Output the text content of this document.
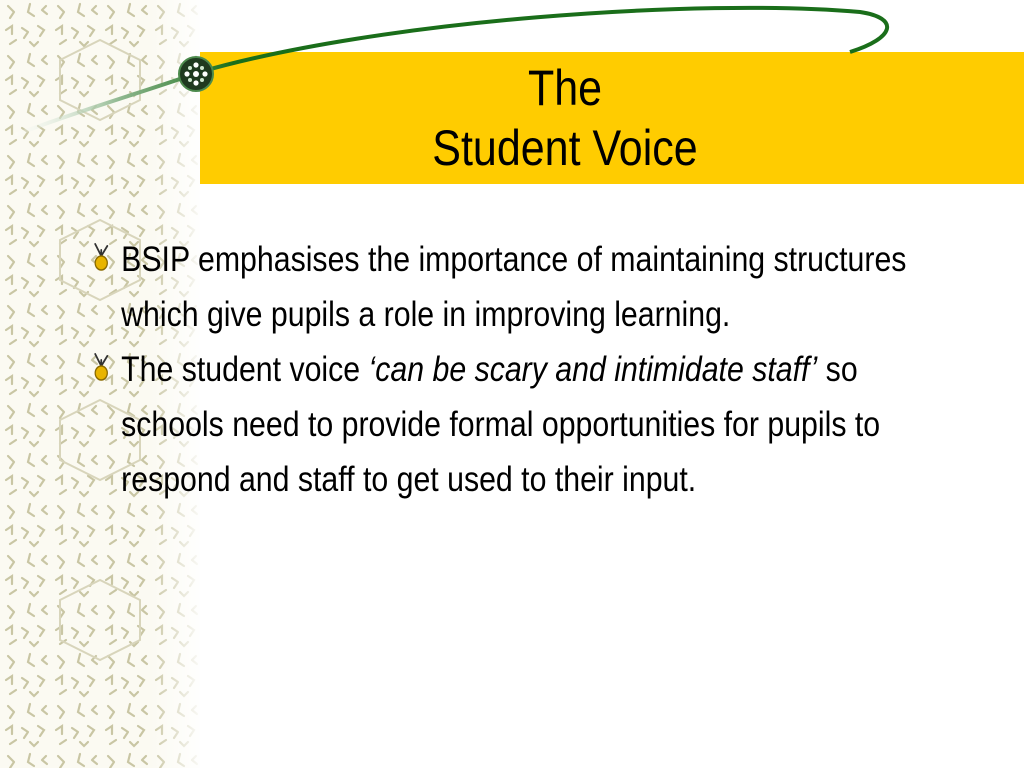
The
Student Voice
BSIP emphasises the importance of maintaining structures which give pupils a role in improving learning.
The student voice ‘can be scary and intimidate staff’ so schools need to provide formal opportunities for pupils to respond and staff to get used to their input.
